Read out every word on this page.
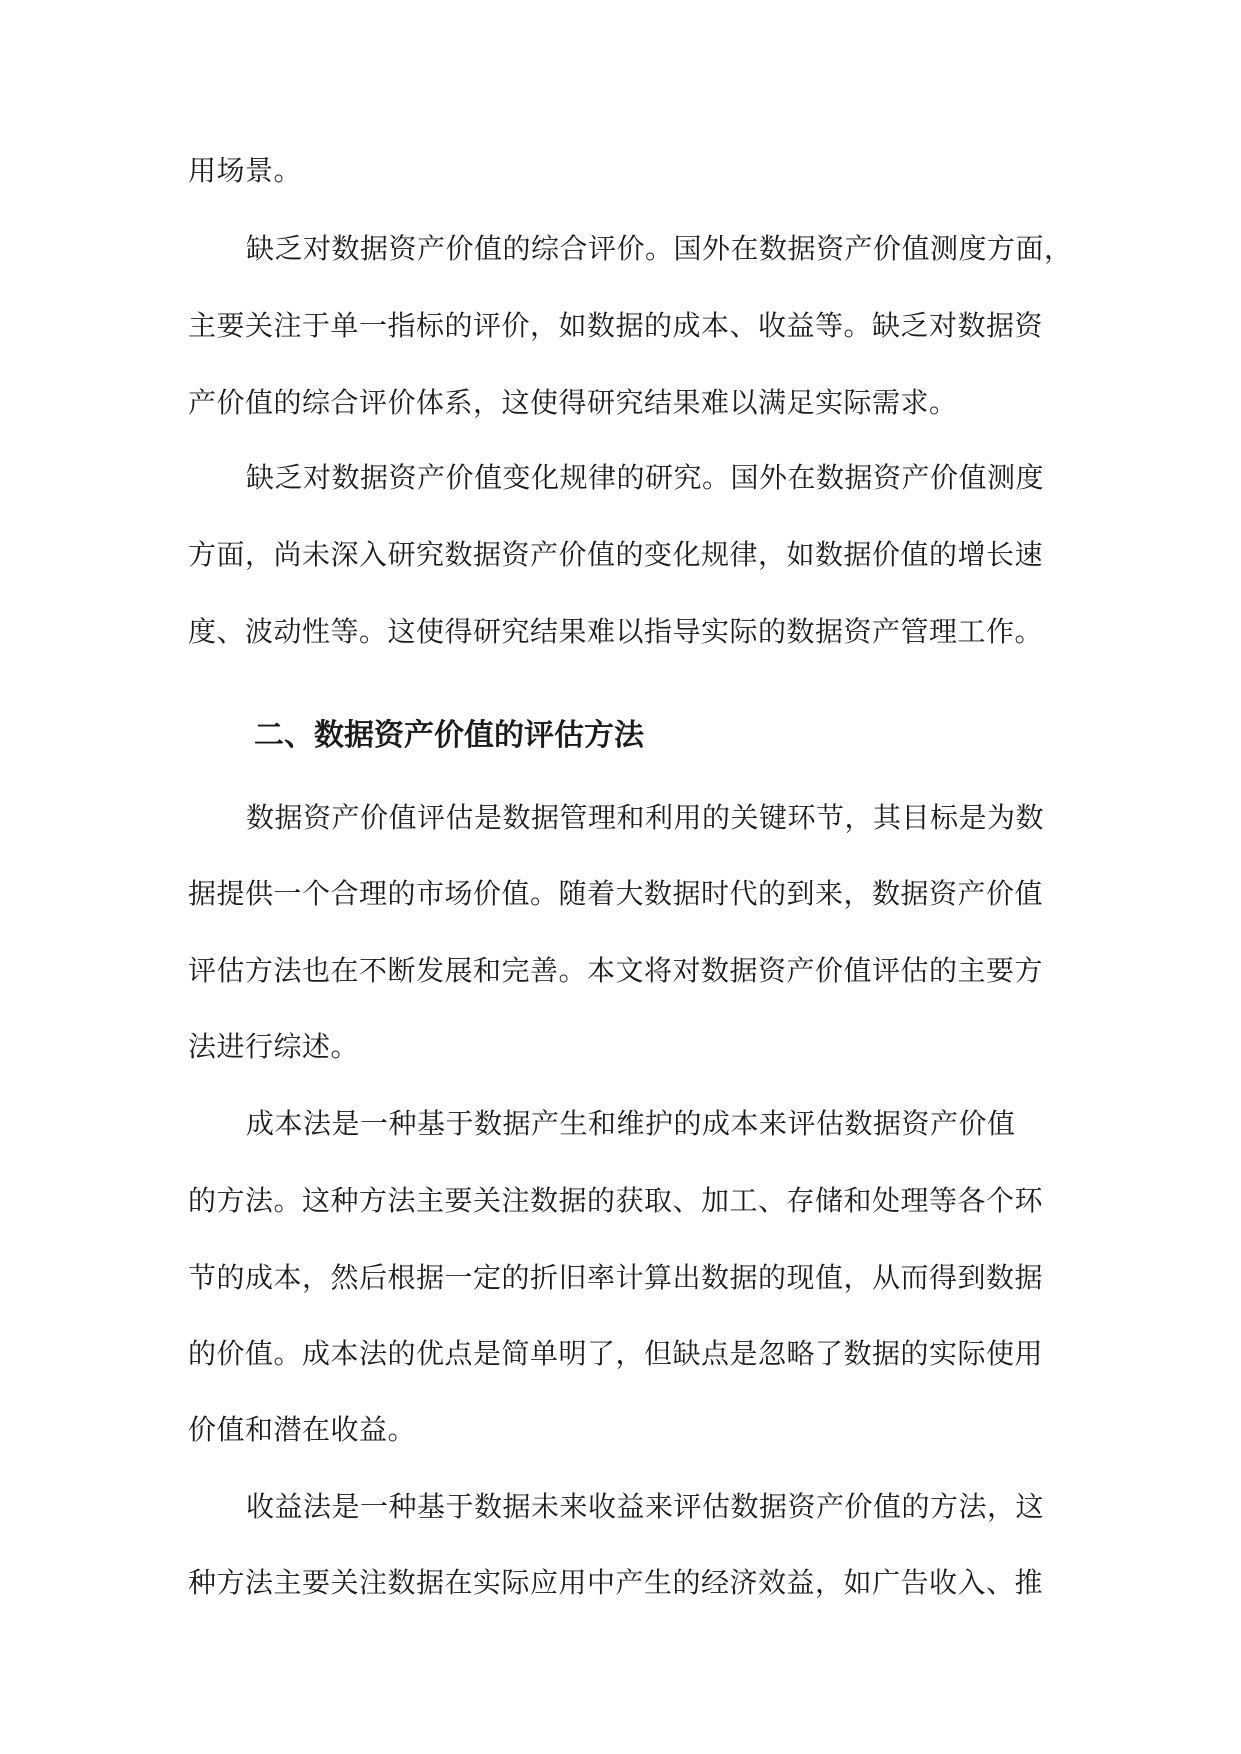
用场景。
缺乏对数据资产价值的综合评价。国外在数据资产价值测度方面，
主要关注于单一指标的评价，如数据的成本、收益等。缺乏对数据资
产价值的综合评价体系，这使得研究结果难以满足实际需求。
缺乏对数据资产价值变化规律的研究。国外在数据资产价值测度
方面，尚未深入研究数据资产价值的变化规律，如数据价值的增长速
度、波动性等。这使得研究结果难以指导实际的数据资产管理工作。
二、数据资产价值的评估方法
数据资产价值评估是数据管理和利用的关键环节，其目标是为数
据提供一个合理的市场价值。随着大数据时代的到来，数据资产价值
评估方法也在不断发展和完善。本文将对数据资产价值评估的主要方
法进行综述。
成本法是一种基于数据产生和维护的成本来评估数据资产价值
的方法。这种方法主要关注数据的获取、加工、存储和处理等各个环
节的成本，然后根据一定的折旧率计算出数据的现值，从而得到数据
的价值。成本法的优点是简单明了，但缺点是忽略了数据的实际使用
价值和潜在收益。
收益法是一种基于数据未来收益来评估数据资产价值的方法，这
种方法主要关注数据在实际应用中产生的经济效益，如广告收入、推
